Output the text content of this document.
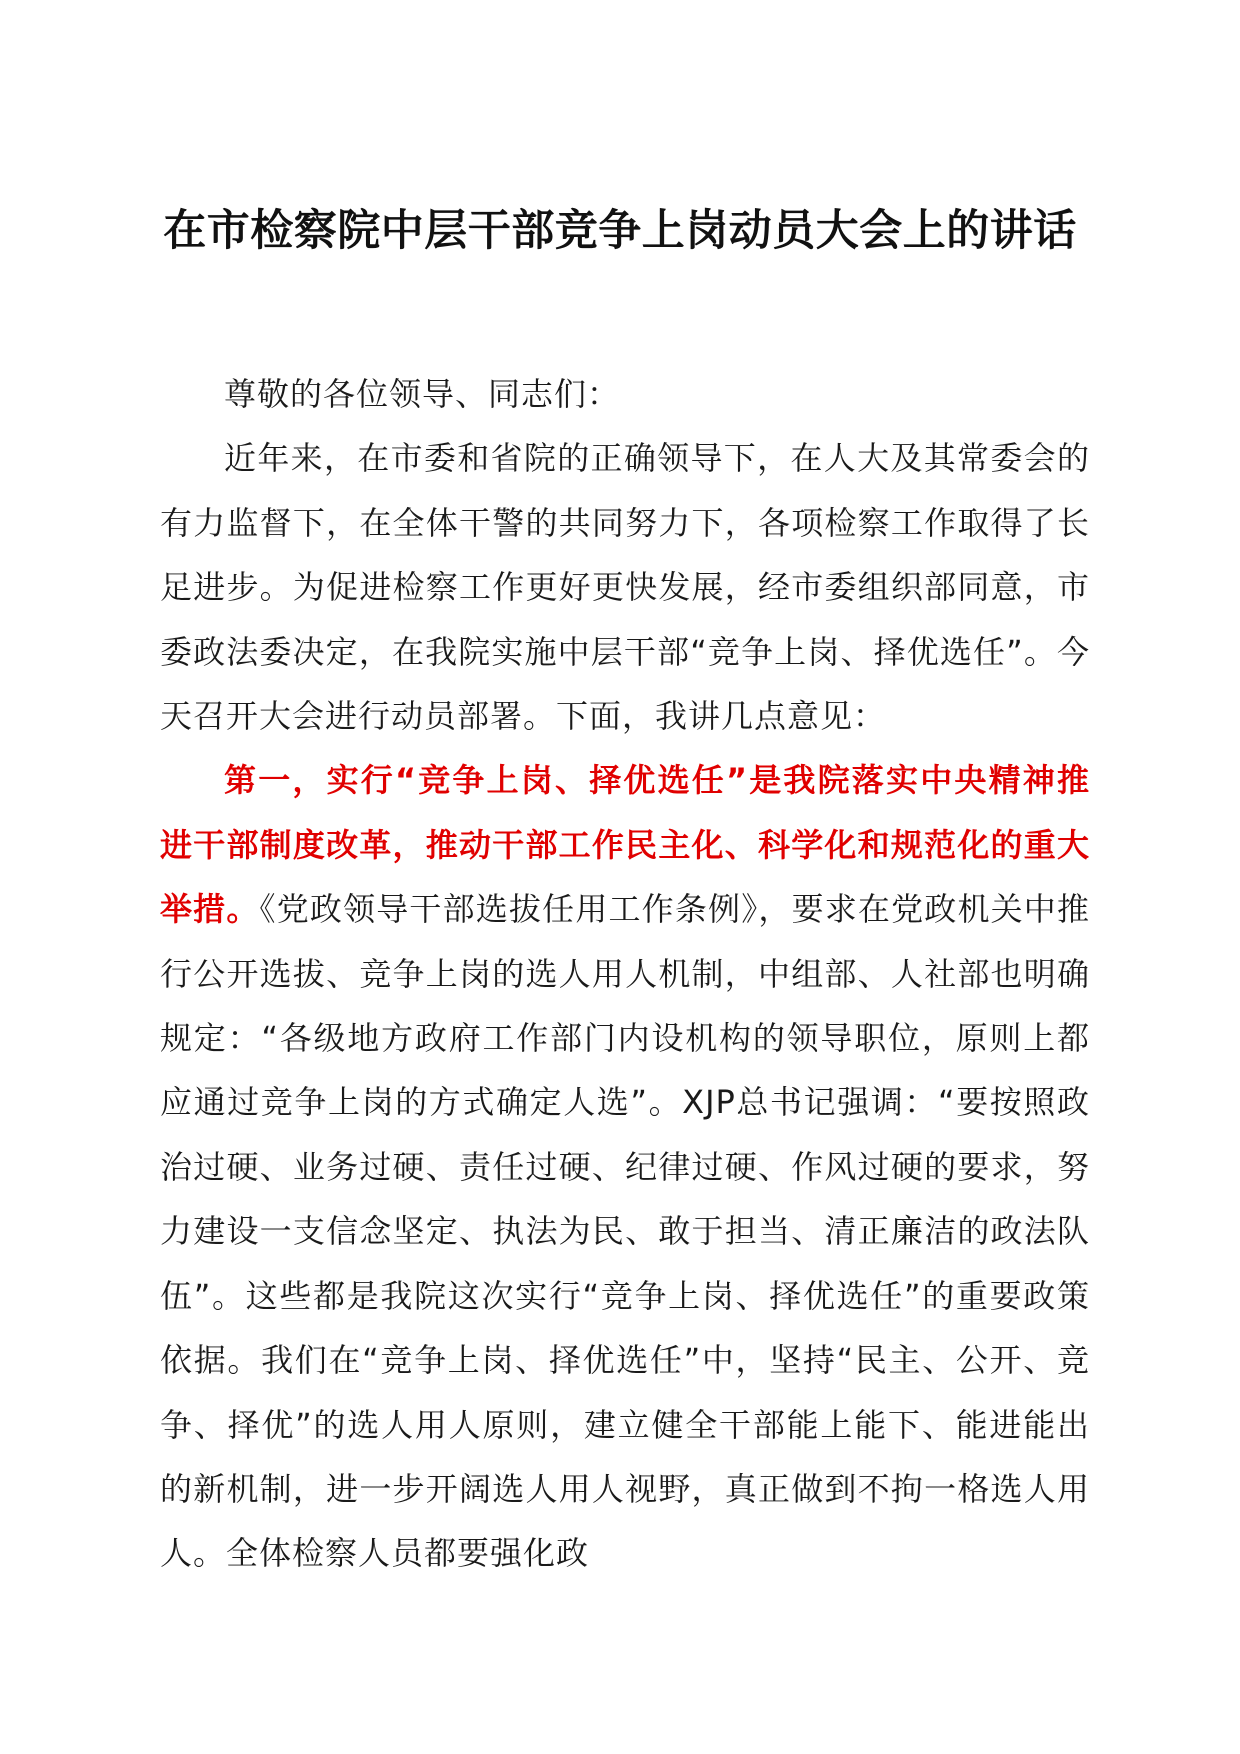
在市检察院中层干部竞争上岗动员大会上的讲话

尊敬的各位领导、同志们：

近年来，在市委和省院的正确领导下，在人大及其常委会的有力监督下，在全体干警的共同努力下，各项检察工作取得了长足进步。为促进检察工作更好更快发展，经市委组织部同意，市委政法委决定，在我院实施中层干部“竞争上岗、择优选任”。今天召开大会进行动员部署。下面，我讲几点意见：

第一，实行“竞争上岗、择优选任”是我院落实中央精神推进干部制度改革，推动干部工作民主化、科学化和规范化的重大举措。《党政领导干部选拔任用工作条例》，要求在党政机关中推行公开选拔、竞争上岗的选人用人机制，中组部、人社部也明确规定：“各级地方政府工作部门内设机构的领导职位，原则上都应通过竞争上岗的方式确定人选”。XJP总书记强调：“要按照政治过硬、业务过硬、责任过硬、纪律过硬、作风过硬的要求，努力建设一支信念坚定、执法为民、敢于担当、清正廉洁的政法队伍”。这些都是我院这次实行“竞争上岗、择优选任”的重要政策依据。我们在“竞争上岗、择优选任”中，坚持“民主、公开、竞争、择优”的选人用人原则，建立健全干部能上能下、能进能出的新机制，进一步开阔选人用人视野，真正做到不拘一格选人用人。全体检察人员都要强化政
